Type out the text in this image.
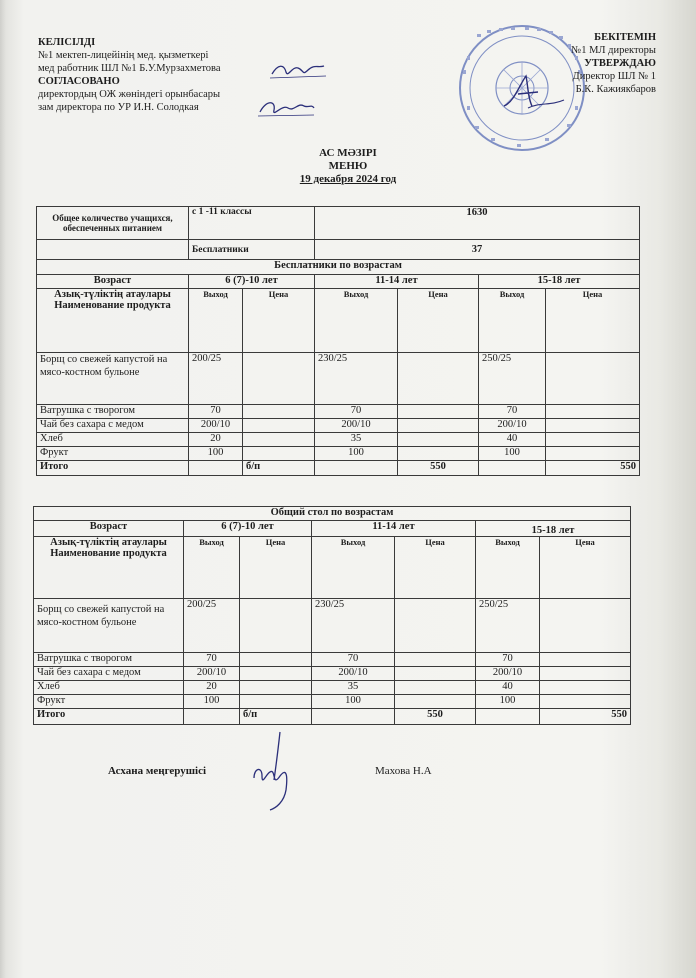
КЕЛІСІЛДІ
№1 мектеп-лицейінің мед. қызметкері
мед работник ШЛ №1 Б.У.Мурзахметова
СОГЛАСОВАНО
директордың ОЖ жөніндегі орынбасары
зам директора по УР И.Н. Солодкая
БЕКІТЕМІН
№1 МЛ директоры
УТВЕРЖДАЮ
Директор ШЛ № 1
Б.К. Кажиякбаров
АС МӘЗІРІ
МЕНЮ
19 декабря 2024 год
Общее количество учащихся, обеспеченных питанием	с 1 -11 классы		1630			
	Бесплатники		37			
Бесплатники по возрастам						
Возраст	6 (7)-10 лет		11-14 лет		15-18 лет	
Азық-түліктің атаулары Наименование продукта	Выход	Цена	Выход	Цена	Выход	Цена
Борщ со свежей капустой на мясо-костном бульоне	200/25		230/25		250/25	
Ватрушка с творогом	70		70		70	
Чай без сахара с медом	200/10		200/10		200/10	
Хлеб	20		35		40	
Фрукт	100		100		100	
Итого		б/п		550		550
Общий стол по возрастам						
Возраст	6 (7)-10 лет		11-14 лет		15-18 лет	
Азық-түліктің атаулары Наименование продукта	Выход	Цена	Выход	Цена	Выход	Цена
Борщ со свежей капустой на мясо-костном бульоне	200/25		230/25		250/25	
Ватрушка с творогом	70		70		70	
Чай без сахара с медом	200/10		200/10		200/10	
Хлеб	20		35		40	
Фрукт	100		100		100	
Итого		б/п		550		550
Асхана меңгерушісі	Махова Н.А
